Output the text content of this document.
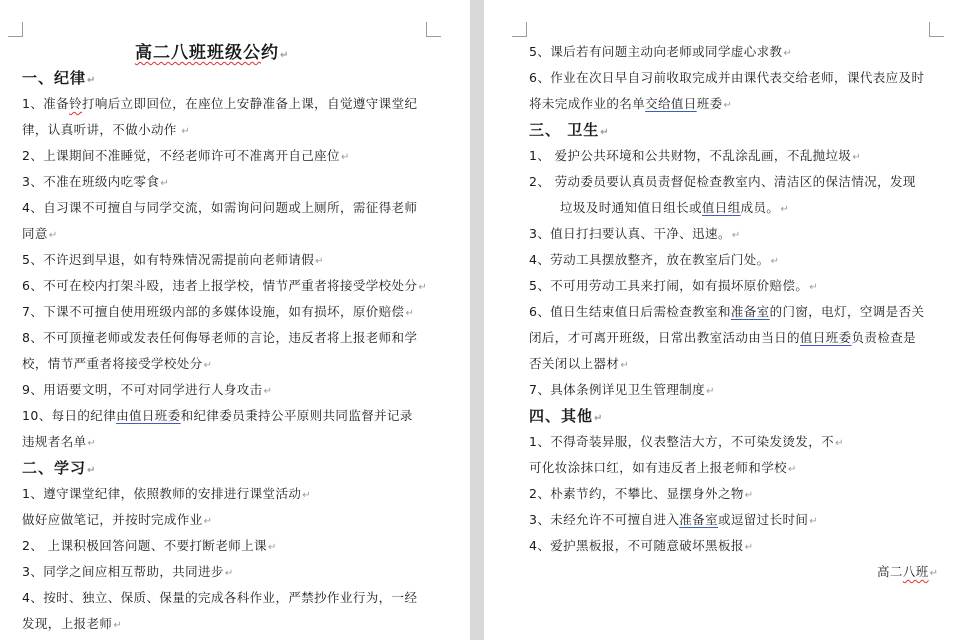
高二八班班级公约↵
一、纪律↵
1、准备铃打响后立即回位，在座位上安静准备上课，自觉遵守课堂纪
律，认真听讲，不做小动作 ↵
2、上课期间不准睡觉，不经老师许可不准离开自己座位↵
3、不准在班级内吃零食↵
4、自习课不可擅自与同学交流，如需询问问题或上厕所，需征得老师
同意↵
5、不许迟到早退，如有特殊情况需提前向老师请假↵
6、不可在校内打架斗殴，违者上报学校，情节严重者将接受学校处分↵
7、下课不可擅自使用班级内部的多媒体设施，如有损坏，原价赔偿↵
8、不可顶撞老师或发表任何侮辱老师的言论，违反者将上报老师和学
校，情节严重者将接受学校处分↵
9、用语要文明，不可对同学进行人身攻击↵
10、每日的纪律由值日班委和纪律委员秉持公平原则共同监督并记录
违规者名单↵
二、学习↵
1、遵守课堂纪律，依照教师的安排进行课堂活动↵
做好应做笔记，并按时完成作业↵
2、 上课积极回答问题、不要打断老师上课↵
3、同学之间应相互帮助，共同进步↵
4、按时、独立、保质、保量的完成各科作业，严禁抄作业行为，一经
发现，上报老师↵
5、课后若有问题主动向老师或同学虚心求教↵
6、作业在次日早自习前收取完成并由课代表交给老师，课代表应及时
将未完成作业的名单交给值日班委↵
三、 卫生↵
1、 爱护公共环境和公共财物，不乱涂乱画，不乱抛垃圾↵
2、 劳动委员要认真员责督促检查教室内、清洁区的保洁情况，发现
垃圾及时通知值日组长或值日组成员。↵
3、值日打扫要认真、干净、迅速。↵
4、劳动工具摆放整齐，放在教室后门处。↵
5、不可用劳动工具来打闹，如有损坏原价赔偿。↵
6、值日生结束值日后需检查教室和准备室的门窗，电灯，空调是否关
闭后，才可离开班级，日常出教室活动由当日的值日班委负责检查是
否关闭以上器材↵
7、具体条例详见卫生管理制度↵
四、其他↵
1、不得奇装异服，仪表整洁大方，不可染发烫发，不↵
可化妆涂抹口红，如有违反者上报老师和学校↵
2、朴素节约，不攀比、显摆身外之物↵
3、未经允许不可擅自进入准备室或逗留过长时间↵
4、爱护黑板报，不可随意破坏黑板报↵
高二八班↵
